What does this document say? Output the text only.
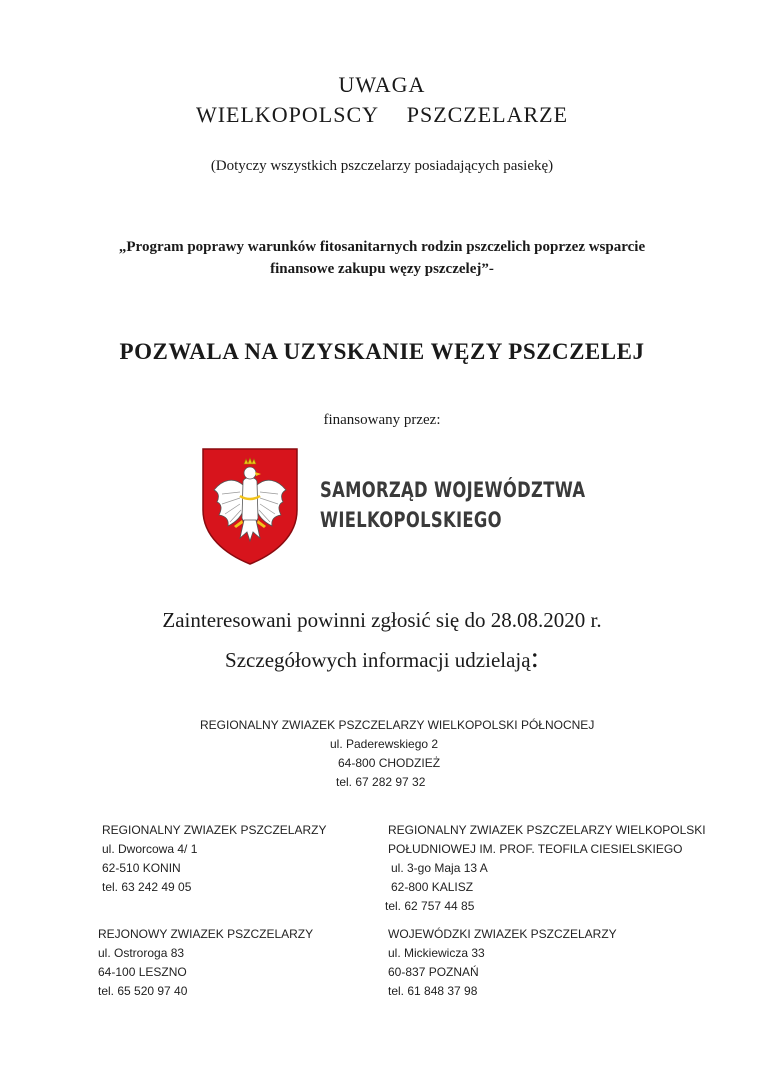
UWAGA
WIELKOPOLSCY PSZCZELARZE
(Dotyczy wszystkich pszczelarzy posiadających pasiekę)
„Program poprawy warunków fitosanitarnych rodzin pszczelich poprzez wsparcie
finansowe zakupu węzy pszczelej”-
POZWALA NA UZYSKANIE WĘZY PSZCZELEJ
finansowany przez:
SAMORZĄD WOJEWÓDZTWA
WIELKOPOLSKIEGO
Zainteresowani powinni zgłosić się do 28.08.2020 r.
Szczegółowych informacji udzielają:
REGIONALNY ZWIAZEK PSZCZELARZY WIELKOPOLSKI PÓŁNOCNEJ
ul. Paderewskiego 2
64-800 CHODZIEŻ
tel. 67 282 97 32
REGIONALNY ZWIAZEK PSZCZELARZY
ul. Dworcowa 4/ 1
62-510 KONIN
tel. 63 242 49 05
REGIONALNY ZWIAZEK PSZCZELARZY WIELKOPOLSKI
POŁUDNIOWEJ IM. PROF. TEOFILA CIESIELSKIEGO
ul. 3-go Maja 13 A
62-800 KALISZ
tel. 62 757 44 85
REJONOWY ZWIAZEK PSZCZELARZY
ul. Ostroroga 83
64-100 LESZNO
tel. 65 520 97 40
WOJEWÓDZKI ZWIAZEK PSZCZELARZY
ul. Mickiewicza 33
60-837 POZNAŃ
tel. 61 848 37 98
